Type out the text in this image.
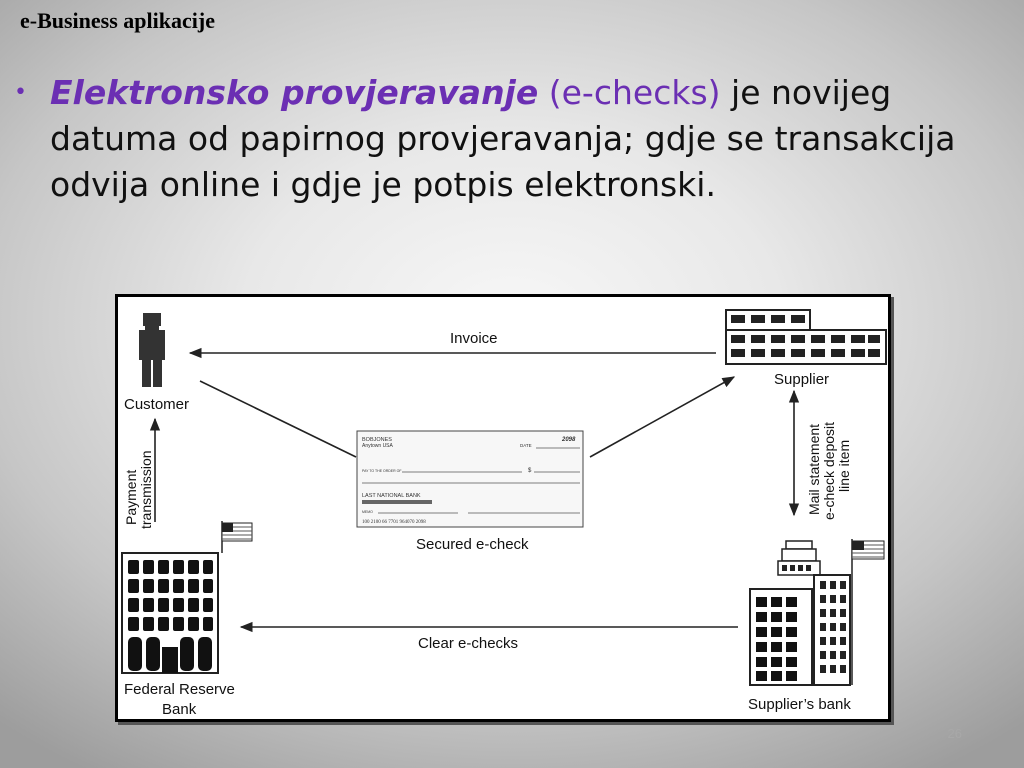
e-Business aplikacije
• Elektronsko provjeravanje (e-checks) je novijeg datuma od papirnog provjeravanja; gdje se transakcija odvija online i gdje je potpis elektronski.
Customer
Supplier
Invoice
BOBJONES
Anytown USA
2098
DATE
PAY TO THE ORDER OF	$
LAST NATIONAL BANK
MEMO
100 2100 66 7701 964070 2098
Secured e-check
Payment transmission	Mail statement e-check deposit line item
Federal Reserve
Bank
Clear e-checks
Supplier’s bank
26
